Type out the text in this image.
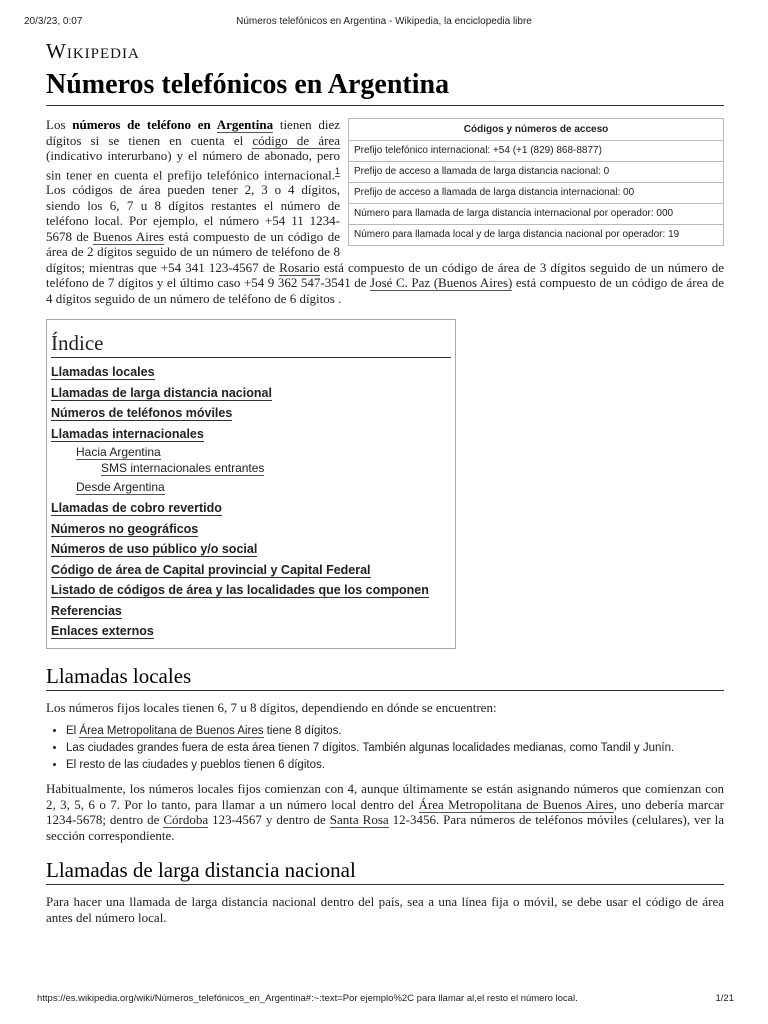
20/3/23, 0:07	Números telefónicos en Argentina - Wikipedia, la enciclopedia libre
Wikipedia
Números telefónicos en Argentina
Códigos y números de acceso
Prefijo telefónico internacional: +54 (+1 (829) 868-8877)
Prefijo de acceso a llamada de larga distancia nacional: 0
Prefijo de acceso a llamada de larga distancia internacional: 00
Número para llamada de larga distancia internacional por operador: 000
Número para llamada local y de larga distancia nacional por operador: 19

Los números de teléfono en Argentina tienen diez dígitos si se tienen en cuenta el código de área (indicativo interurbano) y el número de abonado, pero sin tener en cuenta el prefijo telefónico internacional.$^1$ Los códigos de área pueden tener 2, 3 o 4 dígitos, siendo los 6, 7 u 8 dígitos restantes el número de teléfono local. Por ejemplo, el número +54 11 1234-5678 de Buenos Aires está compuesto de un código de área de 2 dígitos seguido de un número de teléfono de 8 dígitos; mientras que +54 341 123-4567 de Rosario está compuesto de un código de área de 3 dígitos seguido de un número de teléfono de 7 dígitos y el último caso +54 9 362 547-3541 de José C. Paz (Buenos Aires) está compuesto de un código de área de 4 dígitos seguido de un número de teléfono de 6 dígitos .

Índice
Llamadas locales
Llamadas de larga distancia nacional
Números de teléfonos móviles
Llamadas internacionales
Hacia Argentina
SMS internacionales entrantes
Desde Argentina
Llamadas de cobro revertido
Números no geográficos
Números de uso público y/o social
Código de área de Capital provincial y Capital Federal
Listado de códigos de área y las localidades que los componen
Referencias
Enlaces externos
Llamadas locales

Los números fijos locales tienen 6, 7 u 8 dígitos, dependiendo en dónde se encuentren:

• El Área Metropolitana de Buenos Aires tiene 8 dígitos.
• Las ciudades grandes fuera de esta área tienen 7 dígitos. También algunas localidades medianas, como Tandil y Junín.
• El resto de las ciudades y pueblos tienen 6 dígitos.

Habitualmente, los números locales fijos comienzan con 4, aunque últimamente se están asignando números que comienzan con 2, 3, 5, 6 o 7. Por lo tanto, para llamar a un número local dentro del Área Metropolitana de Buenos Aires, uno debería marcar 1234-5678; dentro de Córdoba 123-4567 y dentro de Santa Rosa 12-3456. Para números de teléfonos móviles (celulares), ver la sección correspondiente.

Llamadas de larga distancia nacional

Para hacer una llamada de larga distancia nacional dentro del país, sea a una línea fija o móvil, se debe usar el código de área antes del número local.

https://es.wikipedia.org/wiki/Números_telefónicos_en_Argentina#:~:text=Por ejemplo%2C para llamar al,el resto el número local.	1/21
